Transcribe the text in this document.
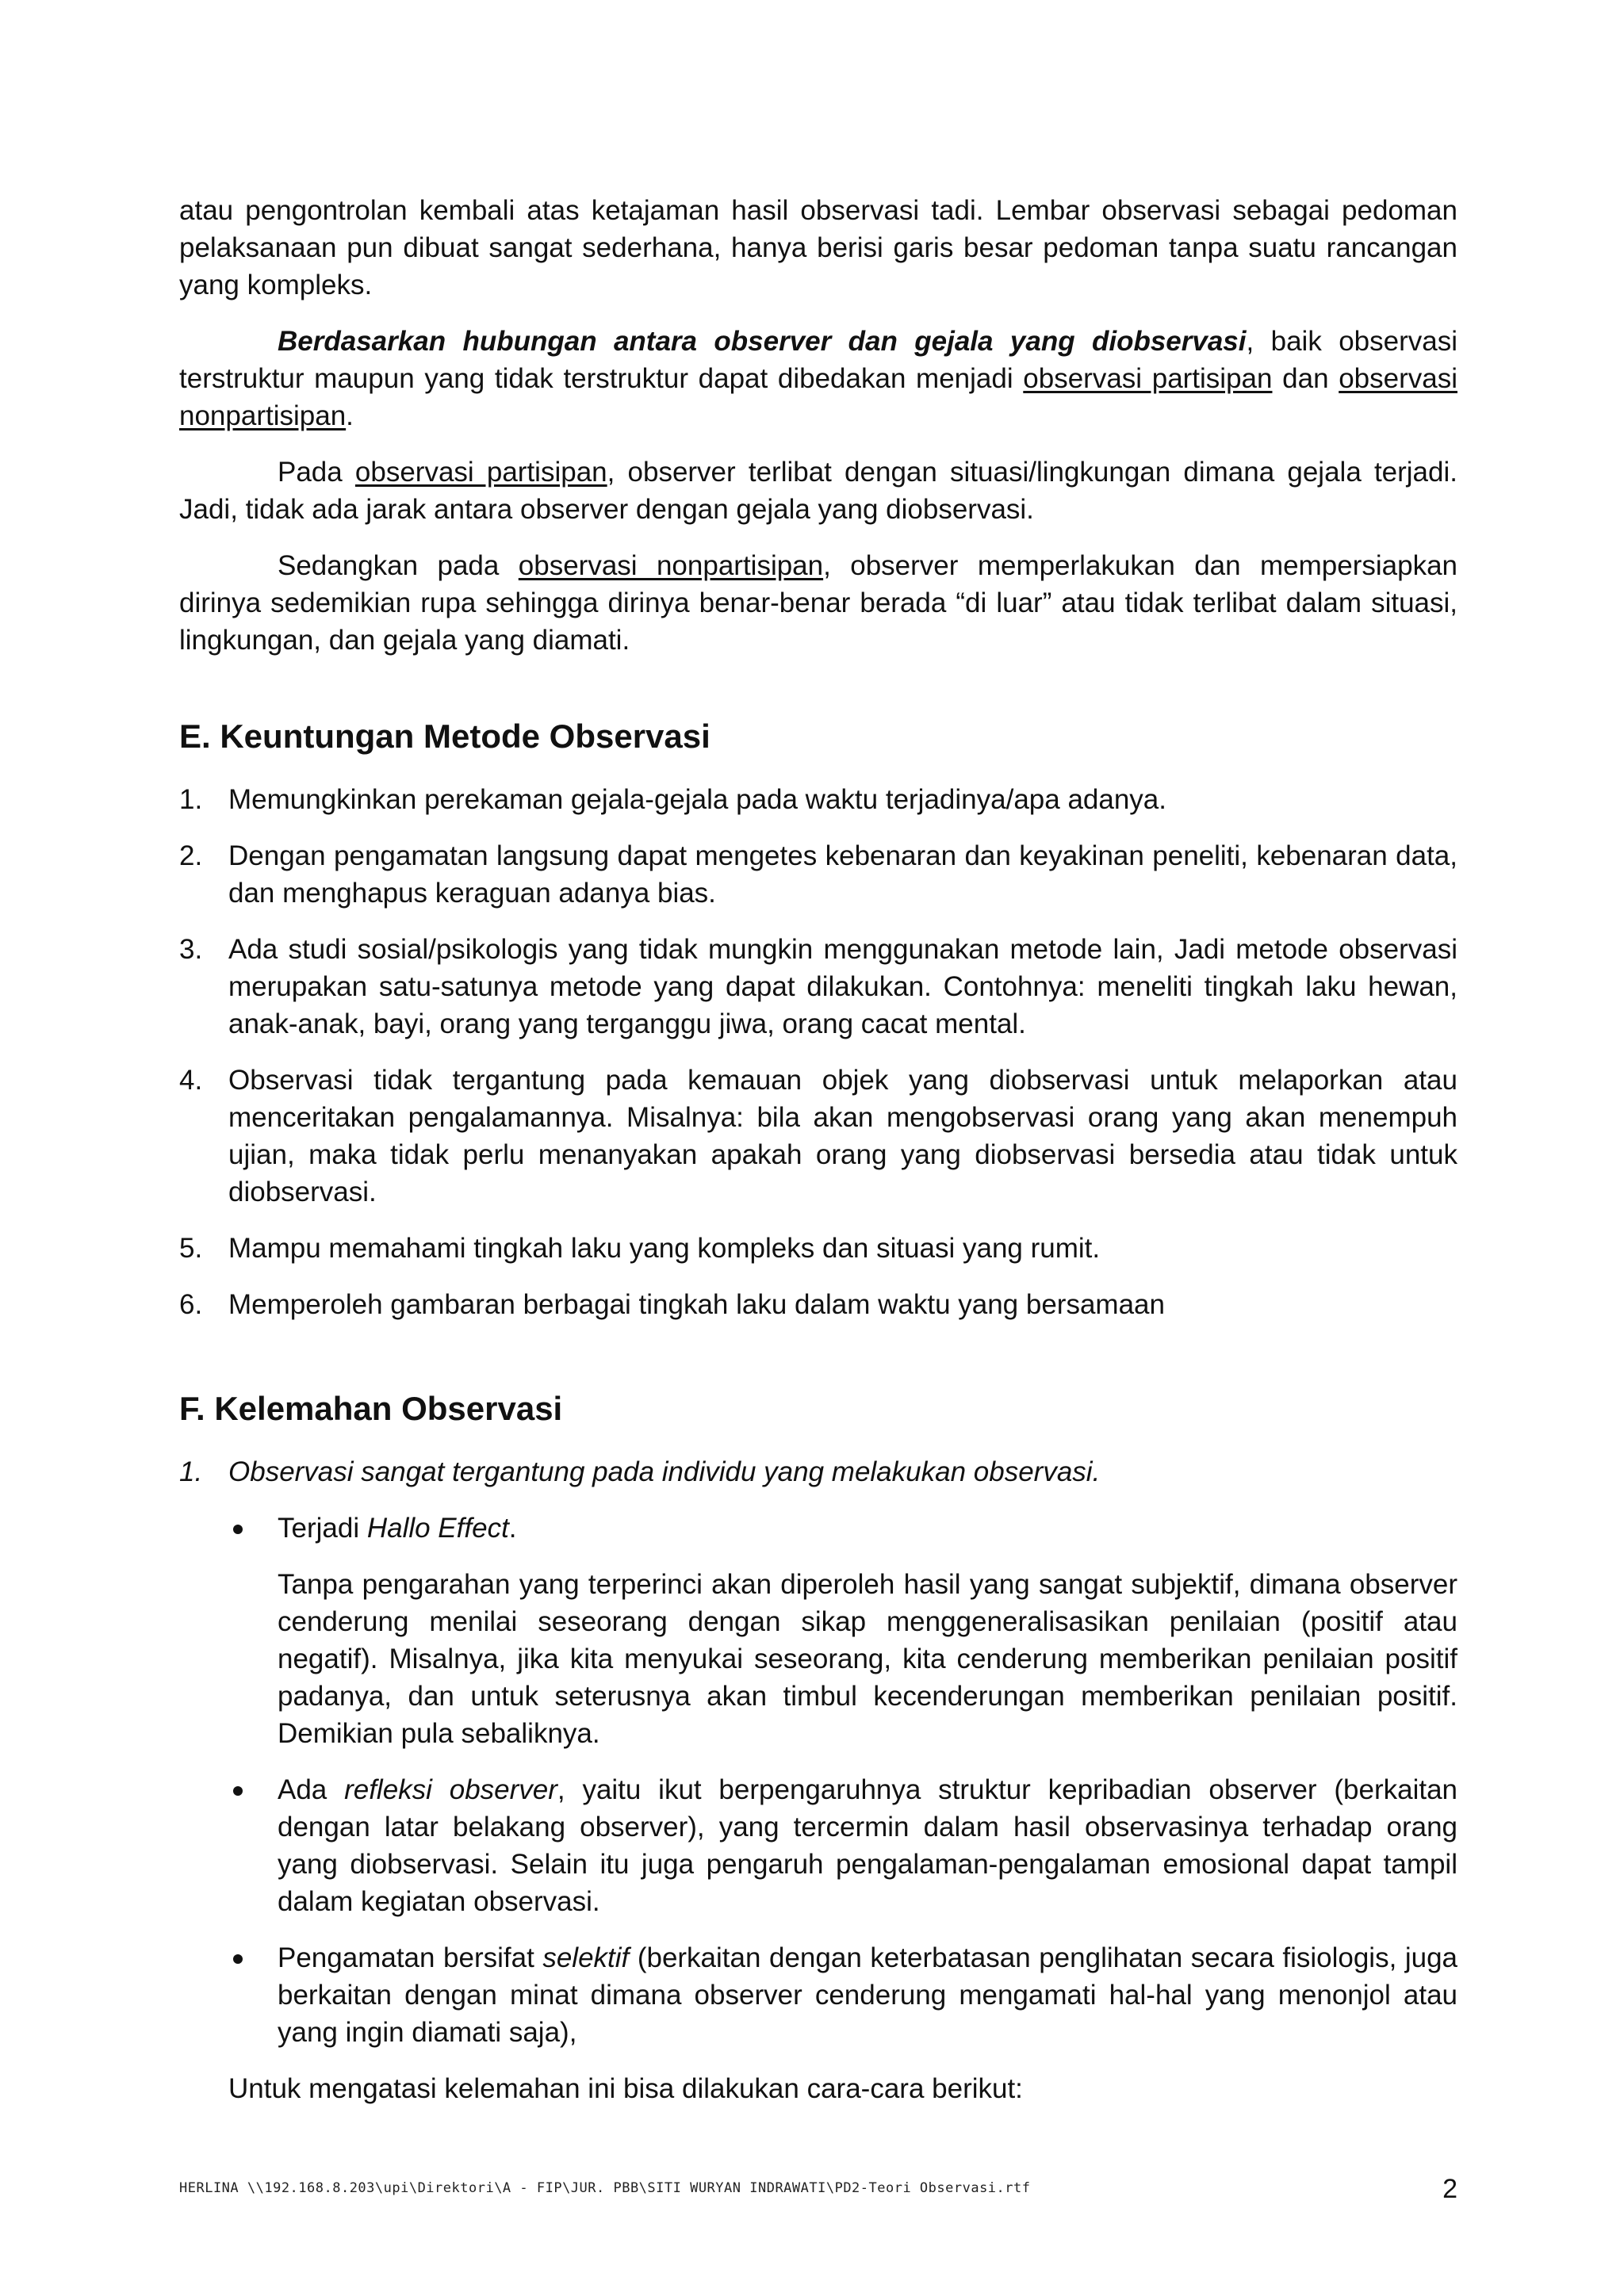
atau pengontrolan kembali atas ketajaman hasil observasi tadi. Lembar observasi sebagai pedoman pelaksanaan pun dibuat sangat sederhana, hanya berisi garis besar pedoman tanpa suatu rancangan yang kompleks.

Berdasarkan hubungan antara observer dan gejala yang diobservasi, baik observasi terstruktur maupun yang tidak terstruktur dapat dibedakan menjadi observasi partisipan dan observasi nonpartisipan.

Pada observasi partisipan, observer terlibat dengan situasi/lingkungan dimana gejala terjadi. Jadi, tidak ada jarak antara observer dengan gejala yang diobservasi.

Sedangkan pada observasi nonpartisipan, observer memperlakukan dan mempersiapkan dirinya sedemikian rupa sehingga dirinya benar-benar berada “di luar” atau tidak terlibat dalam situasi, lingkungan, dan gejala yang diamati.

E. Keuntungan Metode Observasi
1. Memungkinkan perekaman gejala-gejala pada waktu terjadinya/apa adanya.
2. Dengan pengamatan langsung dapat mengetes kebenaran dan keyakinan peneliti, kebenaran data, dan menghapus keraguan adanya bias.
3. Ada studi sosial/psikologis yang tidak mungkin menggunakan metode lain, Jadi metode observasi merupakan satu-satunya metode yang dapat dilakukan. Contohnya: meneliti tingkah laku hewan, anak-anak, bayi, orang yang terganggu jiwa, orang cacat mental.
4. Observasi tidak tergantung pada kemauan objek yang diobservasi untuk melaporkan atau menceritakan pengalamannya. Misalnya: bila akan mengobservasi orang yang akan menempuh ujian, maka tidak perlu menanyakan apakah orang yang diobservasi bersedia atau tidak untuk diobservasi.
5. Mampu memahami tingkah laku yang kompleks dan situasi yang rumit.
6. Memperoleh gambaran berbagai tingkah laku dalam waktu yang bersamaan
F. Kelemahan Observasi
1. Observasi sangat tergantung pada individu yang melakukan observasi.
Terjadi Hallo Effect.

Tanpa pengarahan yang terperinci akan diperoleh hasil yang sangat subjektif, dimana observer cenderung menilai seseorang dengan sikap menggeneralisasikan penilaian (positif atau negatif). Misalnya, jika kita menyukai seseorang, kita cenderung memberikan penilaian positif padanya, dan untuk seterusnya akan timbul kecenderungan memberikan penilaian positif. Demikian pula sebaliknya.

Ada refleksi observer, yaitu ikut berpengaruhnya struktur kepribadian observer (berkaitan dengan latar belakang observer), yang tercermin dalam hasil observasinya terhadap orang yang diobservasi. Selain itu juga pengaruh pengalaman-pengalaman emosional dapat tampil dalam kegiatan observasi.
Pengamatan bersifat selektif (berkaitan dengan keterbatasan penglihatan secara fisiologis, juga berkaitan dengan minat dimana observer cenderung mengamati hal-hal yang menonjol atau yang ingin diamati saja),

Untuk mengatasi kelemahan ini bisa dilakukan cara-cara berikut:

HERLINA \\192.168.8.203\upi\Direktori\A - FIP\JUR. PBB\SITI WURYAN INDRAWATI\PD2-Teori Observasi.rtf	2
